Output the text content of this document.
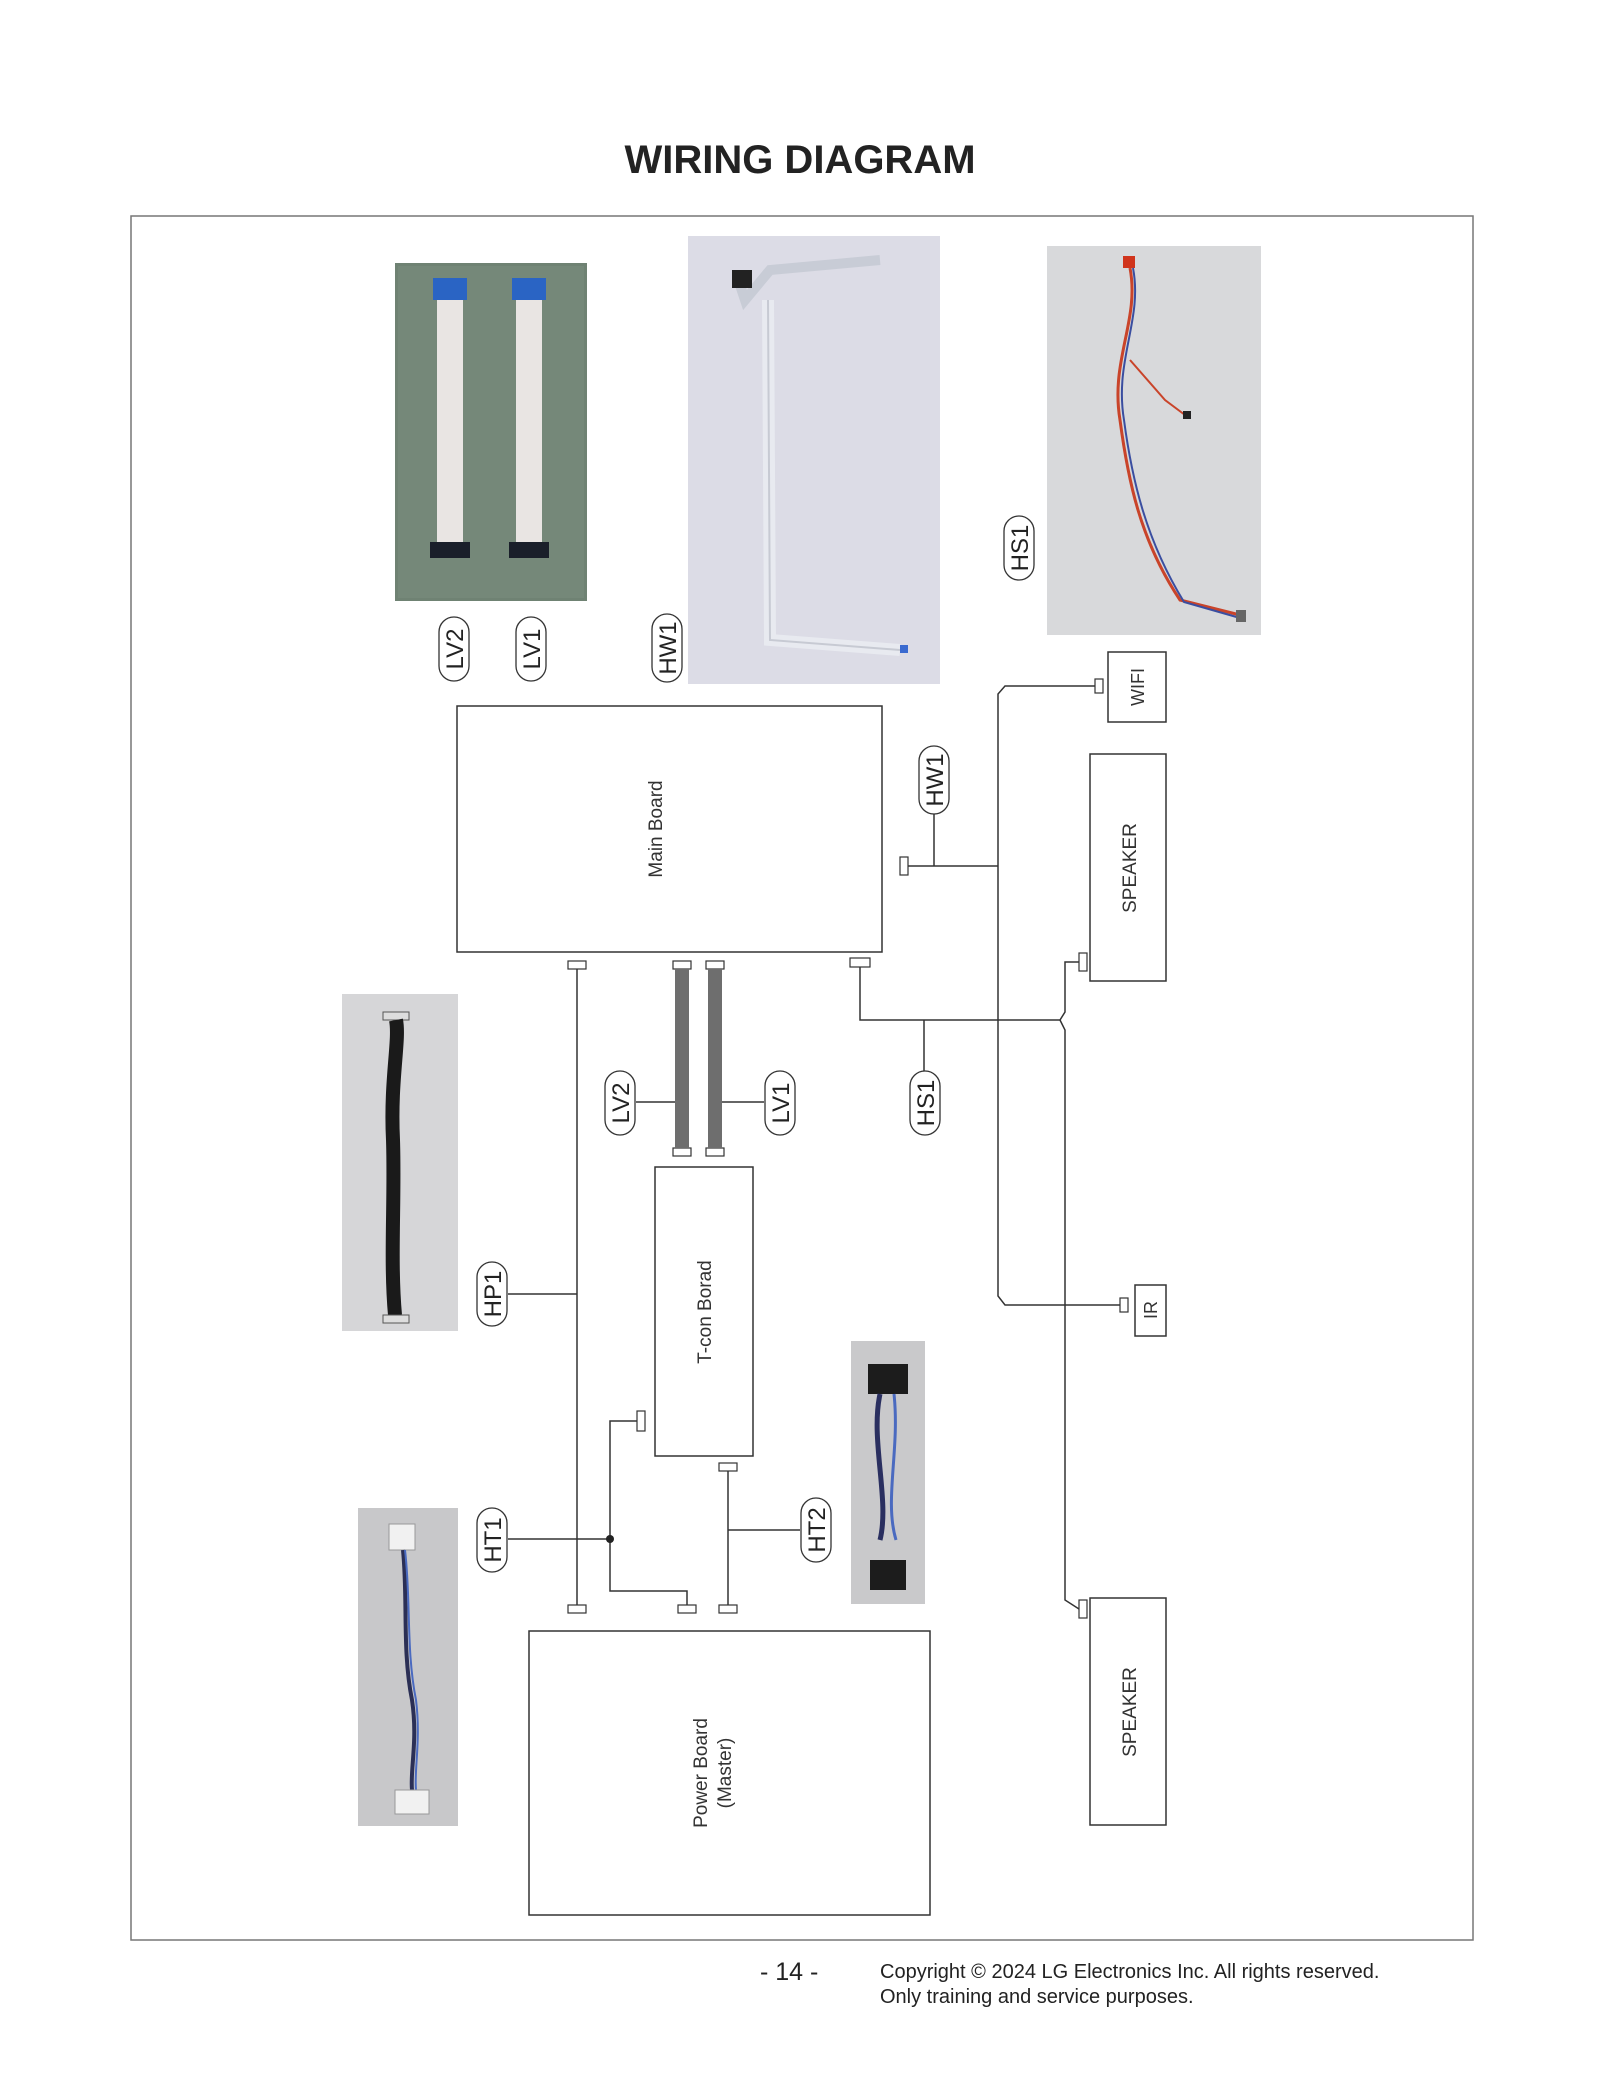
WIRING DIAGRAM
Main Board
T-con Borad
Power Board (Master)
WIFI
SPEAKER
IR
SPEAKER
LV2 LV1	HW1
HS1
HW1
LV2	LV1	HS1
HP1
HT1	HT2
- 14 -	Copyright © 2024 LG Electronics Inc. All rights reserved.
Only training and service purposes.
